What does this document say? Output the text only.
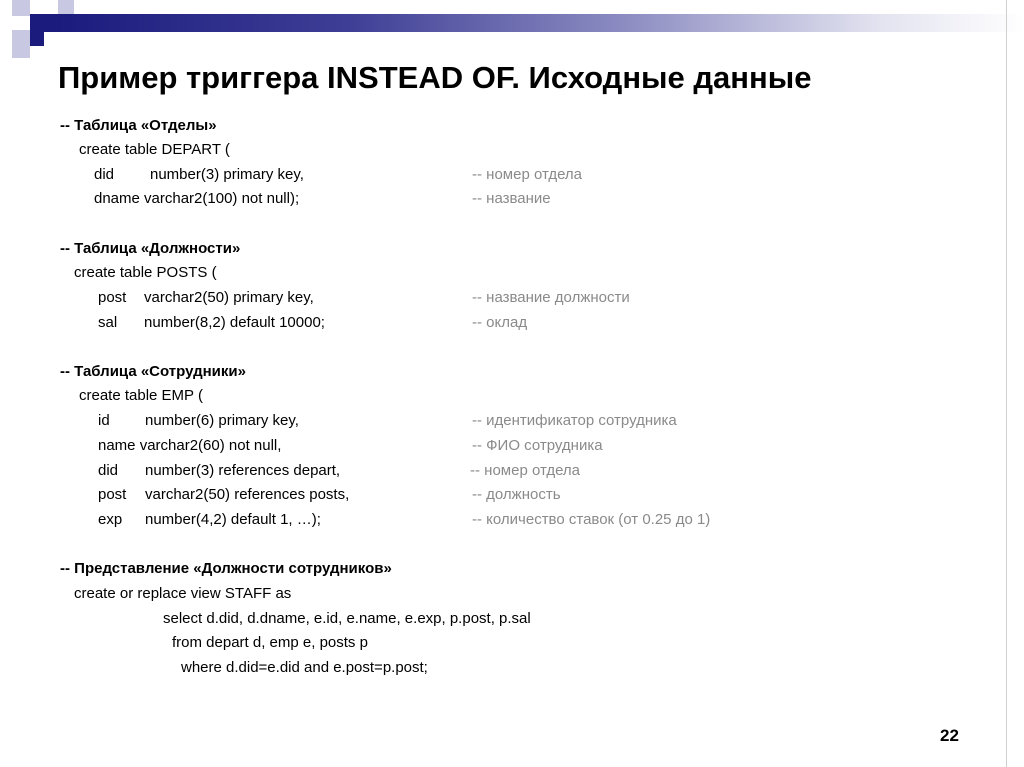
Пример триггера INSTEAD OF. Исходные данные
-- Таблица «Отделы»
create table DEPART (
did number(3) primary key,	-- номер отдела
dname varchar2(100) not null);	-- название
-- Таблица «Должности»
create table POSTS (
post varchar2(50) primary key,	-- название должности
sal number(8,2) default 10000;	-- оклад
-- Таблица «Сотрудники»
create table EMP (
id number(6) primary key,	-- идентификатор сотрудника
name varchar2(60) not null,	-- ФИО сотрудника
did number(3) references depart,	-- номер отдела
post varchar2(50) references posts,	-- должность
exp number(4,2) default 1, …);	-- количество ставок (от 0.25 до 1)
-- Представление «Должности сотрудников»
create or replace view STAFF as
select d.did, d.dname, e.id, e.name, e.exp, p.post, p.sal
from depart d, emp e, posts p
where d.did=e.did and e.post=p.post;
22
